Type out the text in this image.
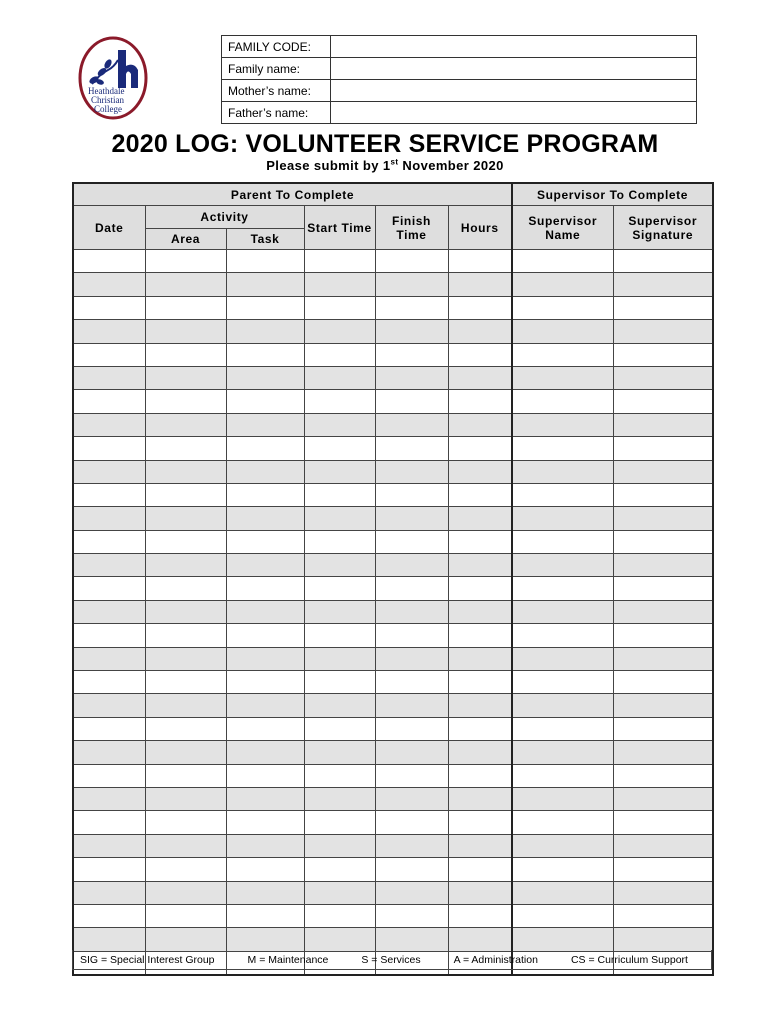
Heathdale
Christian
College
FAMILY CODE:	
Family name:	
Mother’s name:	
Father’s name:	
2020 LOG: VOLUNTEER SERVICE PROGRAM
Please submit by 1st November 2020
Parent To Complete						Supervisor To Complete	
Date	Activity		Start Time	Finish Time	Hours	Supervisor Name	Supervisor Signature
	Area	Task					

SIG = Special Interest Group	M = Maintenance	S = Services	A = Administration	CS = Curriculum Support
